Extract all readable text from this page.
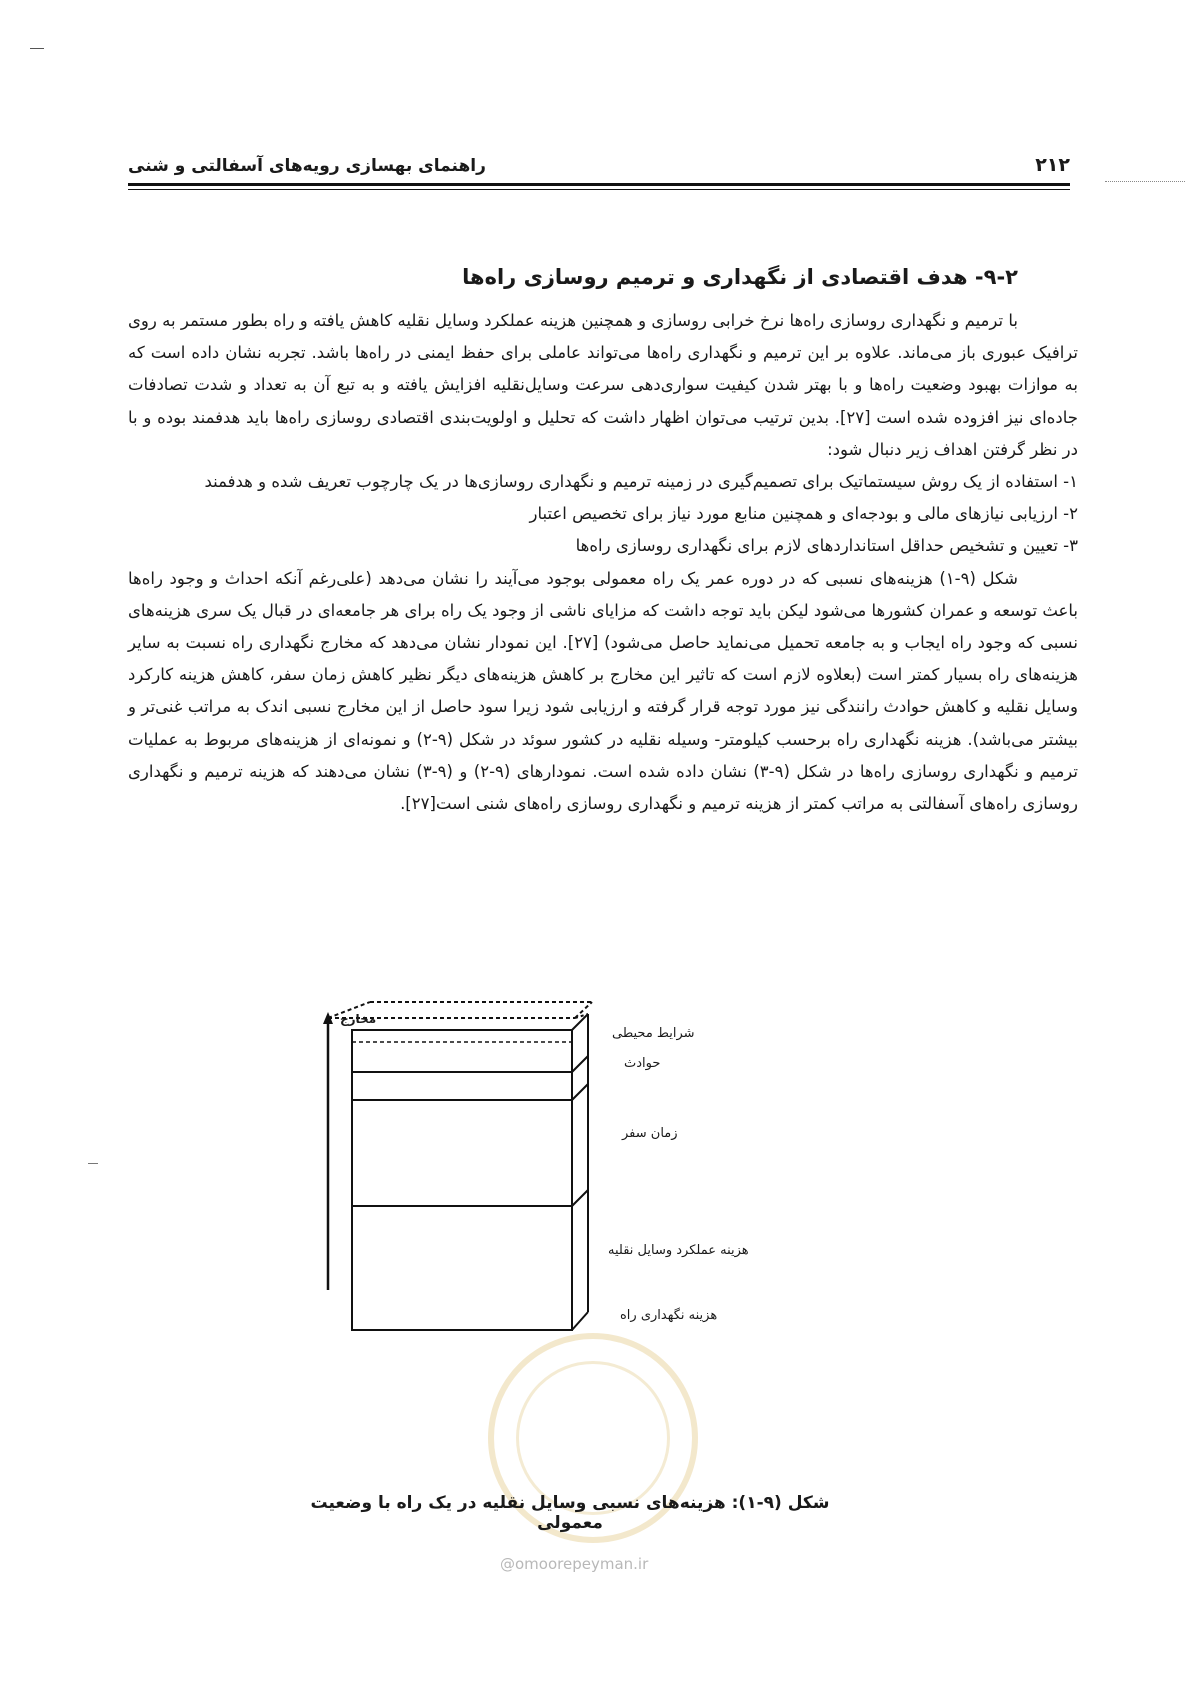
۲۱۲
راهنمای بهسازی رویه‌های آسفالتی و شنی
۹-۲- هدف اقتصادی از نگهداری و ترمیم روسازی راه‌ها

با ترمیم و نگهداری روسازی راه‌ها نرخ خرابی روسازی و همچنین هزینه عملکرد وسایل نقلیه کاهش یافته و راه بطور مستمر به روی ترافیک عبوری باز می‌ماند. علاوه بر این ترمیم و نگهداری راه‌ها می‌تواند عاملی برای حفظ ایمنی در راه‌ها باشد. تجربه نشان داده است که به موازات بهبود وضعیت راه‌ها و با بهتر شدن کیفیت سواری‌دهی سرعت وسایل‌نقلیه افزایش یافته و به تبع آن به تعداد و شدت تصادفات جاده‌ای نیز افزوده شده است [۲۷]. بدین ترتیب می‌توان اظهار داشت که تحلیل و اولویت‌بندی اقتصادی روسازی راه‌ها باید هدفمند بوده و با در نظر گرفتن اهداف زیر دنبال شود:

۱- استفاده از یک روش سیستماتیک برای تصمیم‌گیری در زمینه ترمیم و نگهداری روسازی‌ها در یک چارچوب تعریف شده و هدفمند

۲- ارزیابی نیازهای مالی و بودجه‌ای و همچنین منابع مورد نیاز برای تخصیص اعتبار

۳- تعیین و تشخیص حداقل استانداردهای لازم برای نگهداری روسازی راه‌ها

شکل (۹-۱) هزینه‌های نسبی که در دوره عمر یک راه معمولی بوجود می‌آیند را نشان می‌دهد (علی‌رغم آنکه احداث و وجود راه‌ها باعث توسعه و عمران کشورها می‌شود لیکن باید توجه داشت که مزایای ناشی از وجود یک راه برای هر جامعه‌ای در قبال یک سری هزینه‌های نسبی که وجود راه ایجاب و به جامعه تحمیل می‌نماید حاصل می‌شود) [۲۷]. این نمودار نشان می‌دهد که مخارج نگهداری راه نسبت به سایر هزینه‌های راه بسیار کمتر است (بعلاوه لازم است که تاثیر این مخارج بر کاهش هزینه‌های دیگر نظیر کاهش زمان سفر، کاهش هزینه کارکرد وسایل نقلیه و کاهش حوادث رانندگی نیز مورد توجه قرار گرفته و ارزیابی شود زیرا سود حاصل از این مخارج نسبی اندک به مراتب غنی‌تر و بیشتر می‌باشد). هزینه نگهداری راه برحسب کیلومتر- وسیله نقلیه در کشور سوئد در شکل (۹-۲) و نمونه‌ای از هزینه‌های مربوط به عملیات ترمیم و نگهداری روسازی راه‌ها در شکل (۹-۳) نشان داده شده است. نمودارهای (۹-۲) و (۹-۳) نشان می‌دهند که هزینه ترمیم و نگهداری روسازی راه‌های آسفالتی به مراتب کمتر از هزینه ترمیم و نگهداری روسازی راه‌های شنی است[۲۷].

شرایط محیطی
حوادث
زمان سفر
هزینه عملکرد وسایل نقلیه
هزینه نگهداری راه
مخارج
شکل (۹-۱): هزینه‌های نسبی وسایل نقلیه در یک راه با وضعیت معمولی
@omoorepeyman.ir
